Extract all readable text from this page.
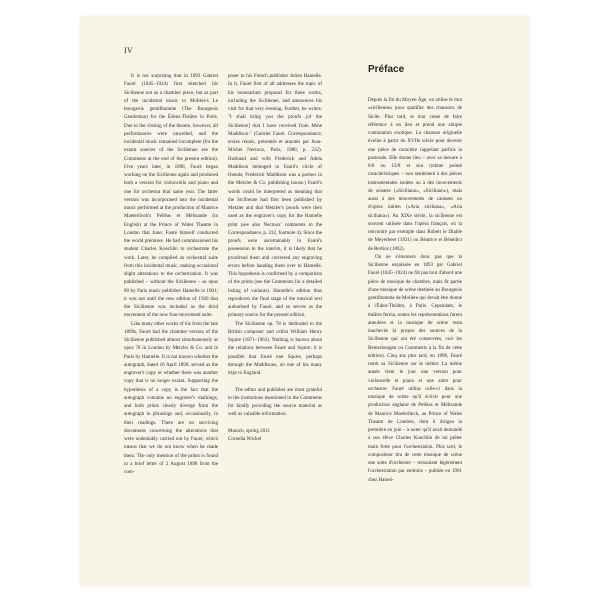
IV

It is not surprising that in 1893 Gabriel Fauré (1845–1924) first sketched his Sicilienne not as a chamber piece, but as part of the incidental music to Molière's Le bourgeois gentilhomme (The Bourgeois Gentleman) for the Édens-Théâtre in Paris. Due to the closing of the theatre, however, all performances were cancelled, and the incidental music remained incomplete (for the extant sources of the Sicilienne see the Comments at the end of the present edition). Five years later, in 1898, Fauré began working on the Sicilienne again and produced both a version for violoncello and piano and one for orchestra that same year. The latter version was incorporated into the incidental music performed at the production of Maurice Maeterlinck's Pelléas et Mélisande (in English) at the Prince of Wales Theatre in London that June; Fauré himself conducted the world premiere. He had commissioned his student Charles Koechlin to orchestrate the work. Later, he compiled an orchestral suite from this incidental music, making occasional slight alterations to the orchestration. It was published – without the Sicilienne – as opus 80 by Paris music publisher Hamelle in 1901; it was not until the new edition of 1920 that the Sicilienne was included as the third movement of the now four-movement suite.

Like many other works of his from the late 1890s, Fauré had the chamber version of the Sicilienne published almost simultaneously as opus 78 in London by Metzler & Co. and in Paris by Hamelle. It is not known whether the autograph, dated 16 April 1898, served as the engraver's copy or whether there was another copy that is no longer extant. Supporting the hypothesis of a copy is the fact that the autograph contains no engraver's markings, and both prints clearly diverge from the autograph in phrasings and, occasionally, in their readings. There are no surviving documents concerning the alterations that were undeniably carried out by Fauré, which means that we do not know when he made them. The only mention of the prints is found in a brief letter of 2 August 1898 from the com-

poser to his French publisher Julien Hamelle. In it, Fauré first of all addresses the topic of his honorarium proposal for three works, including the Sicilienne, and announces his visit for that very evening. Further, he writes: "I shall bring you the proofs [of the Sicilienne] that I have received from Mme Maddison." (Gabriel Fauré. Correspondance, textes réunis, présentés et annotés par Jean-Michel Nectoux, Paris, 1980, p. 232). Husband and wife Frederick and Adela Maddison belonged to Fauré's circle of friends; Frederick Maddison was a partner in the Metzler & Co. publishing house.) Fauré's words could be interpreted as meaning that the Sicilienne had first been published by Metzler and that Metzler's proofs were then used as the engraver's copy for the Hamelle print (see also Nectoux' comments in the Correspondance, p. 232, footnote 4). Since the proofs were ascertainably in Fauré's possession in the interim, it is likely that he proofread them and corrected any engraving errors before handing them over to Hamelle. This hypothesis is confirmed by a comparison of the prints (see the Comments for a detailed listing of variants). Hamelle's edition thus reproduces the final stage of the musical text authorised by Fauré, and so serves as the primary source for the present edition.

The Sicilienne op. 78 is dedicated to the British composer and cellist William Henry Squire (1871–1963). Nothing is known about the relations between Fauré and Squire; it is possible that Fauré met Squire, perhaps through the Maddisons, on one of his many trips to England.

The editor and publisher are most grateful to the institutions mentioned in the Comments for kindly providing the source material as well as valuable information.

Munich, spring 2011

Cornelia Nöckel

Préface

Depuis la fin du Moyen Âge, on utilise le mot «sicilienne» pour qualifier des chansons de Sicile. Plus tard, le mot cesse de faire référence à un lieu et prend une simple connotation exotique. La chanson originelle évolue à partir du XVIIe siècle pour devenir une pièce de caractère rappelant parfois la pastorale. Elle donne lieu – avec sa mesure à 6/8 ou 12/8 et son rythme pointé caractéristiques – non seulement à des pièces instrumentales isolées ou à des mouvements de sonates («Siciliano», «Siciliano»), mais aussi à des mouvements de cantates ou d'opéra italien («Aria siciliana», «Aria siciliana»). Au XIXe siècle, la sicilienne est souvent utilisée dans l'opéra français, où la rencontre par exemple dans Robert le Diable de Meyerbeer (1831) ou Béatrice et Bénédict de Berlioz (1862).

On ne s'étonnera donc pas que la Sicilienne esquissée en 1893 par Gabriel Fauré (1845–1924) ne fût pas tout d'abord une pièce de musique de chambre, mais fit partie d'une musique de scène destinée au Bourgeois gentilhomme de Molière qui devait être donné à l'Éden-Théâtre, à Paris. Cependant, le théâtre ferma, toutes les représentations furent annulées et la musique de scène resta inachevée (à propos des sources de la Sicilienne qui ont été conservées, voir les Bemerkungen ou Comments à la fin de cette édition). Cinq ans plus tard, en 1898, Fauré remit sa Sicilienne sur le métier. La même année vient le jour une version pour violoncelle et piano et une autre pour orchestre. Fauré utilisa celle-ci dans la musique de scène qu'il écrivit pour une production anglaise de Pelléas et Mélisande de Maurice Maeterlinck, au Prince of Wales Theatre de Londres, dont il dirigea la première en juin – à noter qu'il avait demandé à son élève Charles Koechlin de lui prêter main forte pour l'orchestration. Plus tard, le compositeur tira de cette musique de scène une suite d'orchestre – remaniant légèrement l'orchestration par endroits – publiée en 1901 chez Hamel-
